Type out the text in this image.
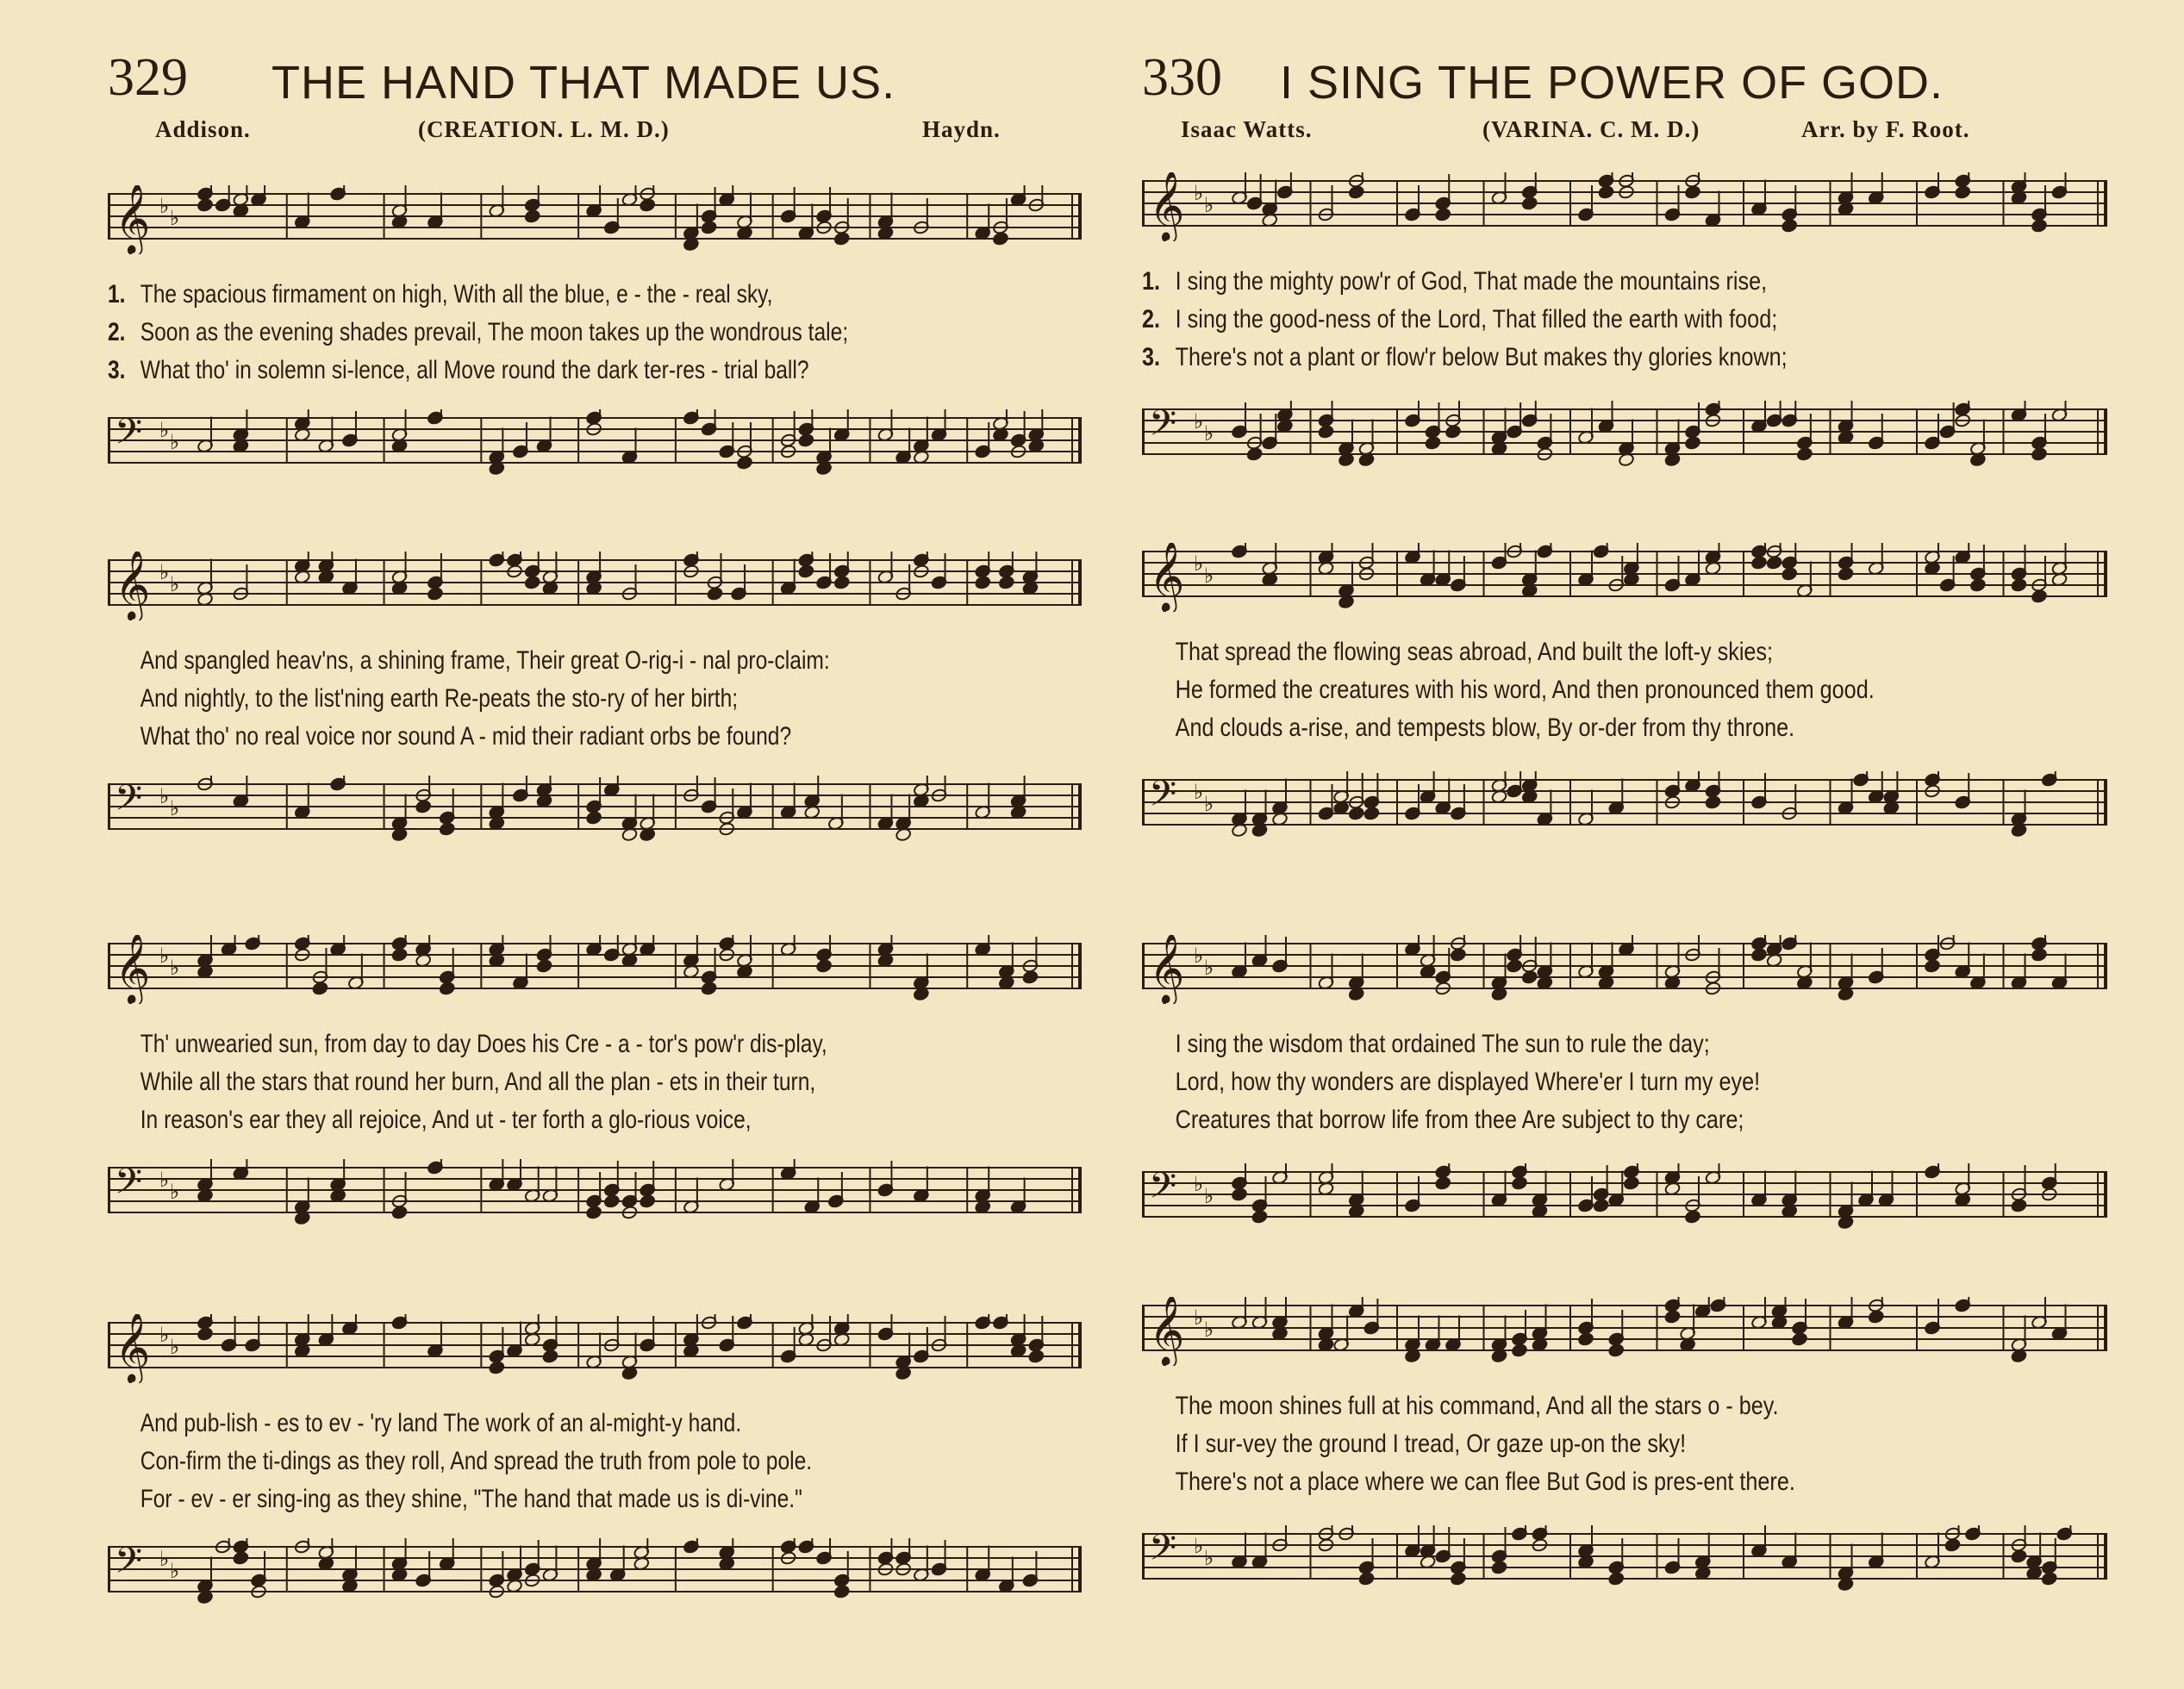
329 THE HAND THAT MADE US.
Addison.	(CREATION. L. M. D.)	Haydn.
𝄞 ♭ ♭
1. The spacious firmament on high, With all the blue, e - the - real sky,
2. Soon as the evening shades prevail, The moon takes up the wondrous tale;
3. What tho' in solemn si-lence, all Move round the dark ter-res - trial ball?
𝄢 ♭ ♭
𝄞 ♭ ♭
And spangled heav'ns, a shining frame, Their great O-rig-i - nal pro-claim:
And nightly, to the list'ning earth Re-peats the sto-ry of her birth;
What tho' no real voice nor sound A - mid their radiant orbs be found?
𝄢 ♭ ♭
𝄞 ♭ ♭
Th' unwearied sun, from day to day Does his Cre - a - tor's pow'r dis-play,
While all the stars that round her burn, And all the plan - ets in their turn,
In reason's ear they all rejoice, And ut - ter forth a glo-rious voice,
𝄢 ♭ ♭
𝄞 ♭ ♭
And pub-lish - es to ev - 'ry land The work of an al-might-y hand.
Con-firm the ti-dings as they roll, And spread the truth from pole to pole.
For - ev - er sing-ing as they shine, "The hand that made us is di-vine."
𝄢 ♭ ♭
330 I SING THE POWER OF GOD.
Isaac Watts.	(VARINA. C. M. D.)	Arr. by F. Root.
𝄞 ♭ ♭
1. I sing the mighty pow'r of God, That made the mountains rise,
2. I sing the good-ness of the Lord, That filled the earth with food;
3. There's not a plant or flow'r below But makes thy glories known;
𝄢 ♭ ♭
𝄞 ♭ ♭
That spread the flowing seas abroad, And built the loft-y skies;
He formed the creatures with his word, And then pronounced them good.
And clouds a-rise, and tempests blow, By or-der from thy throne.
𝄢 ♭ ♭
𝄞 ♭ ♭
I sing the wisdom that ordained The sun to rule the day;
Lord, how thy wonders are displayed Where'er I turn my eye!
Creatures that borrow life from thee Are subject to thy care;
𝄢 ♭ ♭
𝄞 ♭ ♭
The moon shines full at his command, And all the stars o - bey.
If I sur-vey the ground I tread, Or gaze up-on the sky!
There's not a place where we can flee But God is pres-ent there.
𝄢 ♭ ♭
